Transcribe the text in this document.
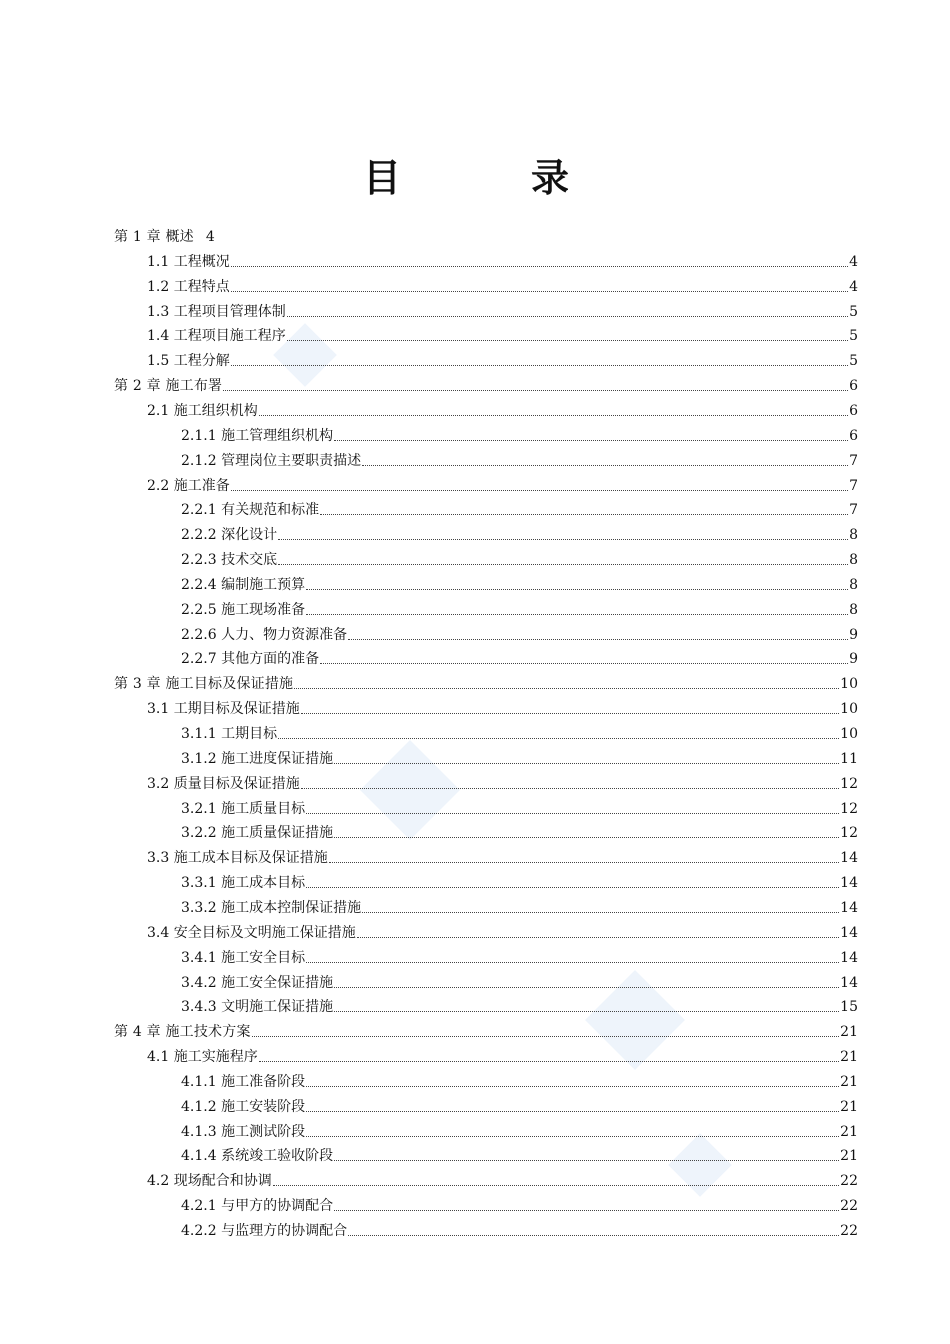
目　录
第 1 章 概述 4
1.1 工程概况	4
1.2 工程特点	4
1.3 工程项目管理体制	5
1.4 工程项目施工程序	5
1.5 工程分解	5
第 2 章 施工布署	6
2.1 施工组织机构	6
2.1.1 施工管理组织机构	6
2.1.2 管理岗位主要职责描述	7
2.2 施工准备	7
2.2.1 有关规范和标准	7
2.2.2 深化设计	8
2.2.3 技术交底	8
2.2.4 编制施工预算	8
2.2.5 施工现场准备	8
2.2.6 人力、物力资源准备	9
2.2.7 其他方面的准备	9
第 3 章 施工目标及保证措施	10
3.1 工期目标及保证措施	10
3.1.1 工期目标	10
3.1.2 施工进度保证措施	11
3.2 质量目标及保证措施	12
3.2.1 施工质量目标	12
3.2.2 施工质量保证措施	12
3.3 施工成本目标及保证措施	14
3.3.1 施工成本目标	14
3.3.2 施工成本控制保证措施	14
3.4 安全目标及文明施工保证措施	14
3.4.1 施工安全目标	14
3.4.2 施工安全保证措施	14
3.4.3 文明施工保证措施	15
第 4 章 施工技术方案	21
4.1 施工实施程序	21
4.1.1 施工准备阶段	21
4.1.2 施工安装阶段	21
4.1.3 施工测试阶段	21
4.1.4 系统竣工验收阶段	21
4.2 现场配合和协调	22
4.2.1 与甲方的协调配合	22
4.2.2 与监理方的协调配合	22
